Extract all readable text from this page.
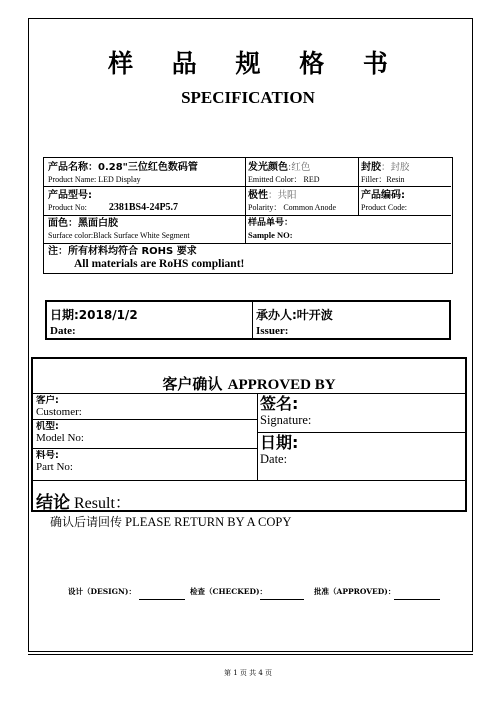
样 品 规 格 书
SPECIFICATION
产品名称：0.28"三位红色数码管
Product Name: LED Display
发光颜色:红色
Emitted Color： RED
封胶：封胶
Filler：Resin
产品型号:
Product No: 2381BS4-24P5.7
极性：共阳
Polarity： Common Anode
产品编码:
Product Code:
面色：黑面白胶
Surface color:Black Surface White Segment
样品单号：
Sample NO:
注：所有材料均符合 ROHS 要求
All materials are RoHS compliant!
日期:2018/1/2
Date:
承办人:叶开波
Issuer:
客户确认 APPROVED BY
客户:
Customer:
机型:
Model No:
料号:
Part No:
签名:
Signature:
日期:
Date:
结论 Result：
确认后请回传 PLEASE RETURN BY A COPY
设计（DESIGN)：	检查（CHECKED)：	批准（APPROVED)：
第 1 页 共 4 页
